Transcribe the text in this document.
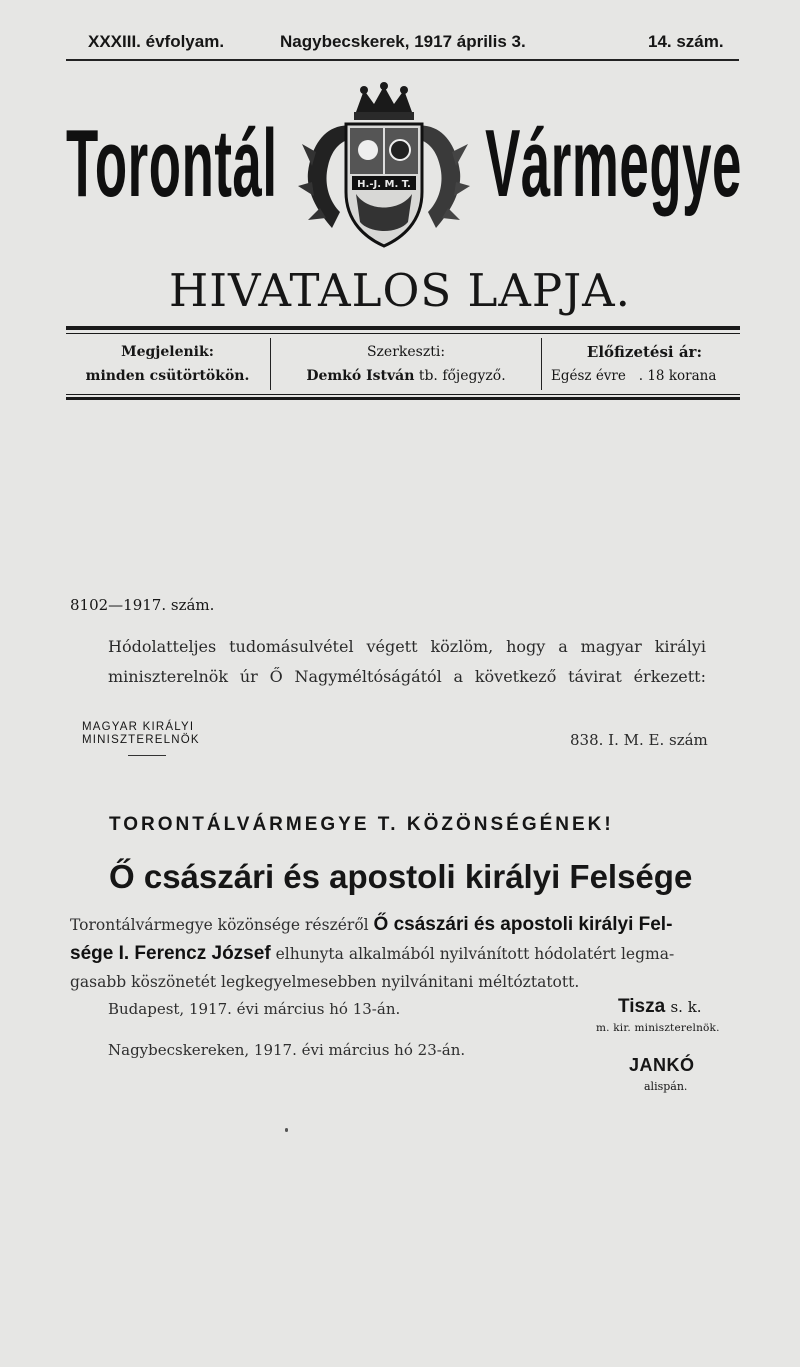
XXXIII. évfolyam.	Nagybecskerek, 1917 április 3.	14. szám.
Torontál Vármegye
H.-J. M. T.
HIVATALOS LAPJA.
Megjelenik:
minden csütörtökön.
Szerkeszti:
Demkó István tb. főjegyző.
Előfizetési ár:
Egész évre . 18 korana
8102—1917. szám.
Hódolatteljes tudomásulvétel végett közlöm, hogy a magyar királyi
miniszterelnök úr Ő Nagyméltóságától a következő távirat érkezett:
MAGYAR KIRÁLYI
MINISZTERELNÖK	838. I. M. E. szám
TORONTÁLVÁRMEGYE T. KÖZÖNSÉGÉNEK!
Ő császári és apostoli királyi Felsége
Torontálvármegye közönsége részéről Ő császári és apostoli királyi Fel-
sége I. Ferencz József elhunyta alkalmából nyilvánított hódolatért legma-
gasabb köszönetét legkegyelmesebben nyilvánitani méltóztatott.
Budapest, 1917. évi március hó 13-án.	Tisza s. k.
m. kir. miniszterelnök.
Nagybecskereken, 1917. évi március hó 23-án.
JANKÓ
alispán.
